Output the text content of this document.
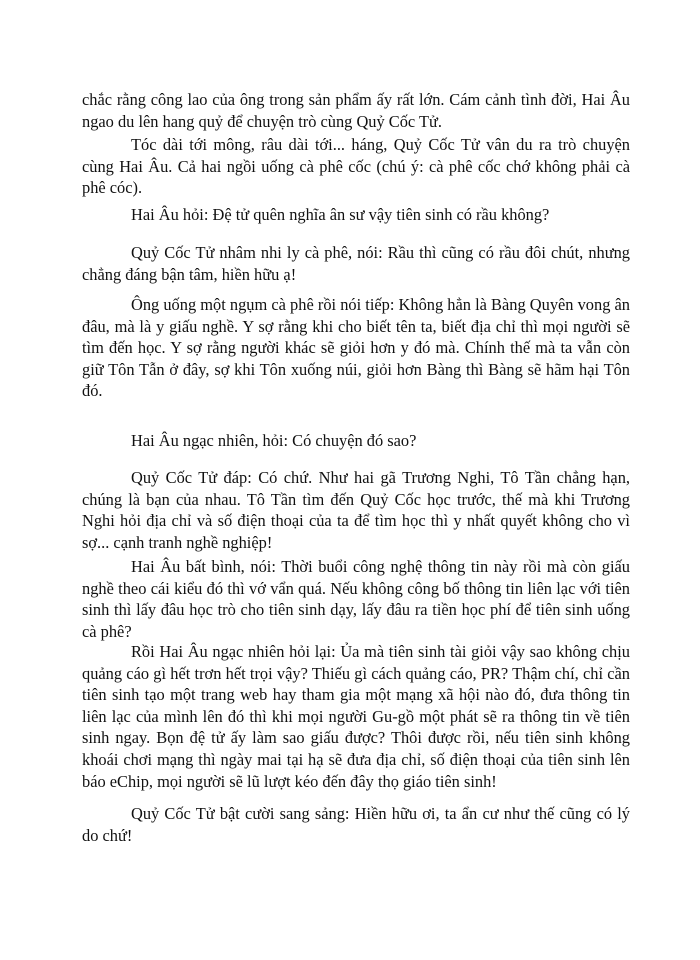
chắc rằng công lao của ông trong sản phẩm ấy rất lớn. Cám cảnh tình đời, Hai Âu ngao du lên hang quỷ để chuyện trò cùng Quỷ Cốc Tử.

Tóc dài tới mông, râu dài tới... háng, Quỷ Cốc Tử vân du ra trò chuyện cùng Hai Âu. Cả hai ngồi uống cà phê cốc (chú ý: cà phê cốc chớ không phải cà phê cóc).

Hai Âu hỏi: Đệ tử quên nghĩa ân sư vậy tiên sinh có rầu không?

Quỷ Cốc Tử nhâm nhi ly cà phê, nói: Rầu thì cũng có rầu đôi chút, nhưng chẳng đáng bận tâm, hiền hữu ạ!

Ông uống một ngụm cà phê rồi nói tiếp: Không hẳn là Bàng Quyên vong ân đâu, mà là y giấu nghề. Y sợ rằng khi cho biết tên ta, biết địa chỉ thì mọi người sẽ tìm đến học. Y sợ rằng người khác sẽ giỏi hơn y đó mà. Chính thế mà ta vẫn còn giữ Tôn Tẫn ở đây, sợ khi Tôn xuống núi, giỏi hơn Bàng thì Bàng sẽ hãm hại Tôn đó.

Hai Âu ngạc nhiên, hỏi: Có chuyện đó sao?

Quỷ Cốc Tử đáp: Có chứ. Như hai gã Trương Nghi, Tô Tần chẳng hạn, chúng là bạn của nhau. Tô Tần tìm đến Quỷ Cốc học trước, thế mà khi Trương Nghi hỏi địa chỉ và số điện thoại của ta để tìm học thì y nhất quyết không cho vì sợ... cạnh tranh nghề nghiệp!

Hai Âu bất bình, nói: Thời buổi công nghệ thông tin này rồi mà còn giấu nghề theo cái kiểu đó thì vớ vẩn quá. Nếu không công bố thông tin liên lạc với tiên sinh thì lấy đâu học trò cho tiên sinh dạy, lấy đâu ra tiền học phí để tiên sinh uống cà phê?

Rồi Hai Âu ngạc nhiên hỏi lại: Ủa mà tiên sinh tài giỏi vậy sao không chịu quảng cáo gì hết trơn hết trọi vậy? Thiếu gì cách quảng cáo, PR? Thậm chí, chỉ cần tiên sinh tạo một trang web hay tham gia một mạng xã hội nào đó, đưa thông tin liên lạc của mình lên đó thì khi mọi người Gu-gồ một phát sẽ ra thông tin về tiên sinh ngay. Bọn đệ tử ấy làm sao giấu được? Thôi được rồi, nếu tiên sinh không khoái chơi mạng thì ngày mai tại hạ sẽ đưa địa chỉ, số điện thoại của tiên sinh lên báo eChip, mọi người sẽ lũ lượt kéo đến đây thọ giáo tiên sinh!

Quỷ Cốc Tử bật cười sang sảng: Hiền hữu ơi, ta ẩn cư như thế cũng có lý do chứ!
